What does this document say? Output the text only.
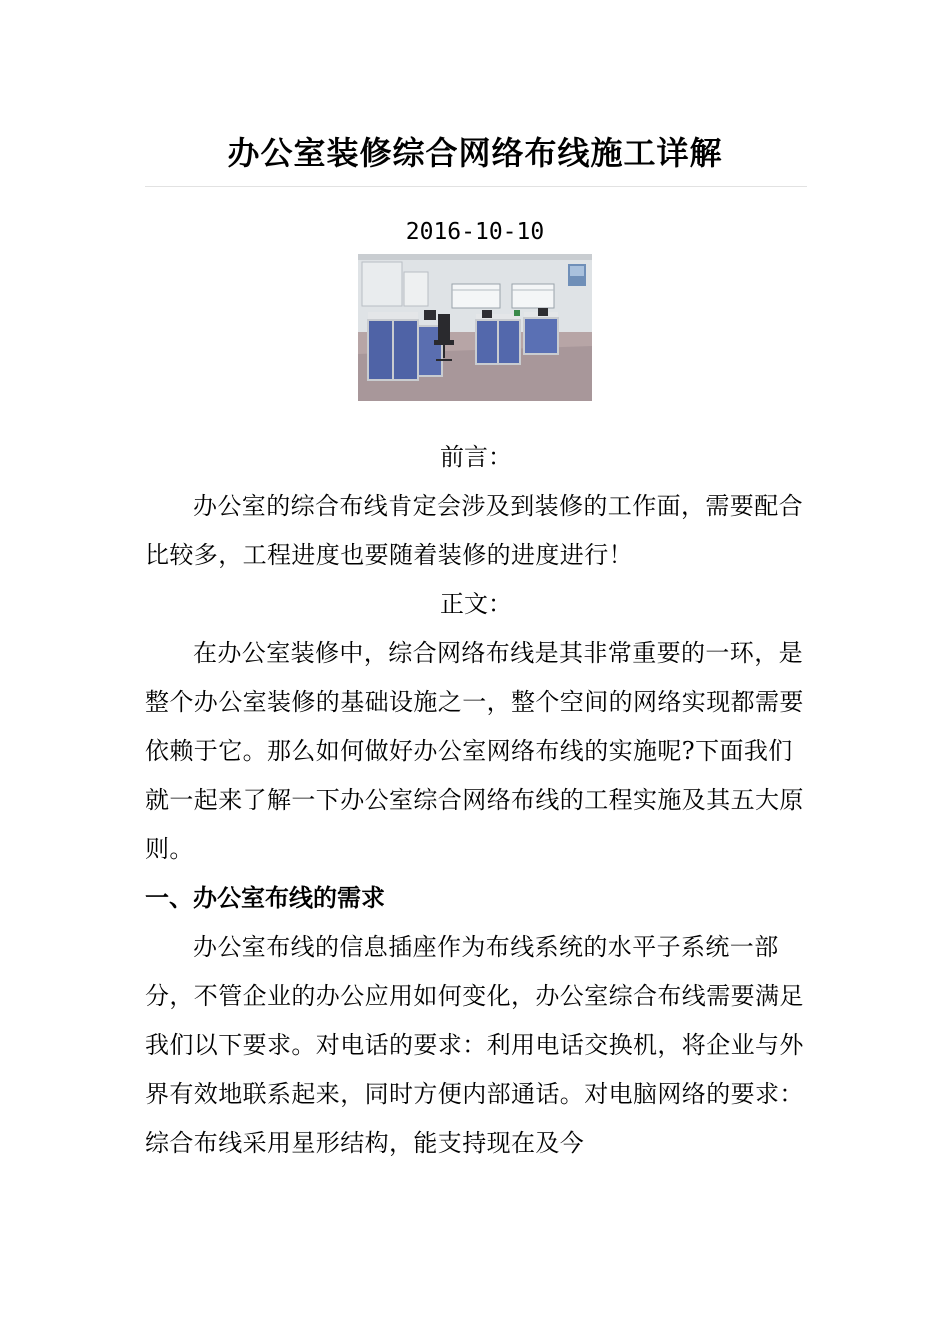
办公室装修综合网络布线施工详解
2016-10-10
前言：
办公室的综合布线肯定会涉及到装修的工作面，需要配合比较多，工程进度也要随着装修的进度进行！
正文：
在办公室装修中，综合网络布线是其非常重要的一环，是整个办公室装修的基础设施之一，整个空间的网络实现都需要依赖于它。那么如何做好办公室网络布线的实施呢?下面我们就一起来了解一下办公室综合网络布线的工程实施及其五大原则。
一、办公室布线的需求
办公室布线的信息插座作为布线系统的水平子系统一部分，不管企业的办公应用如何变化，办公室综合布线需要满足我们以下要求。对电话的要求：利用电话交换机，将企业与外界有效地联系起来，同时方便内部通话。对电脑网络的要求：综合布线采用星形结构，能支持现在及今
